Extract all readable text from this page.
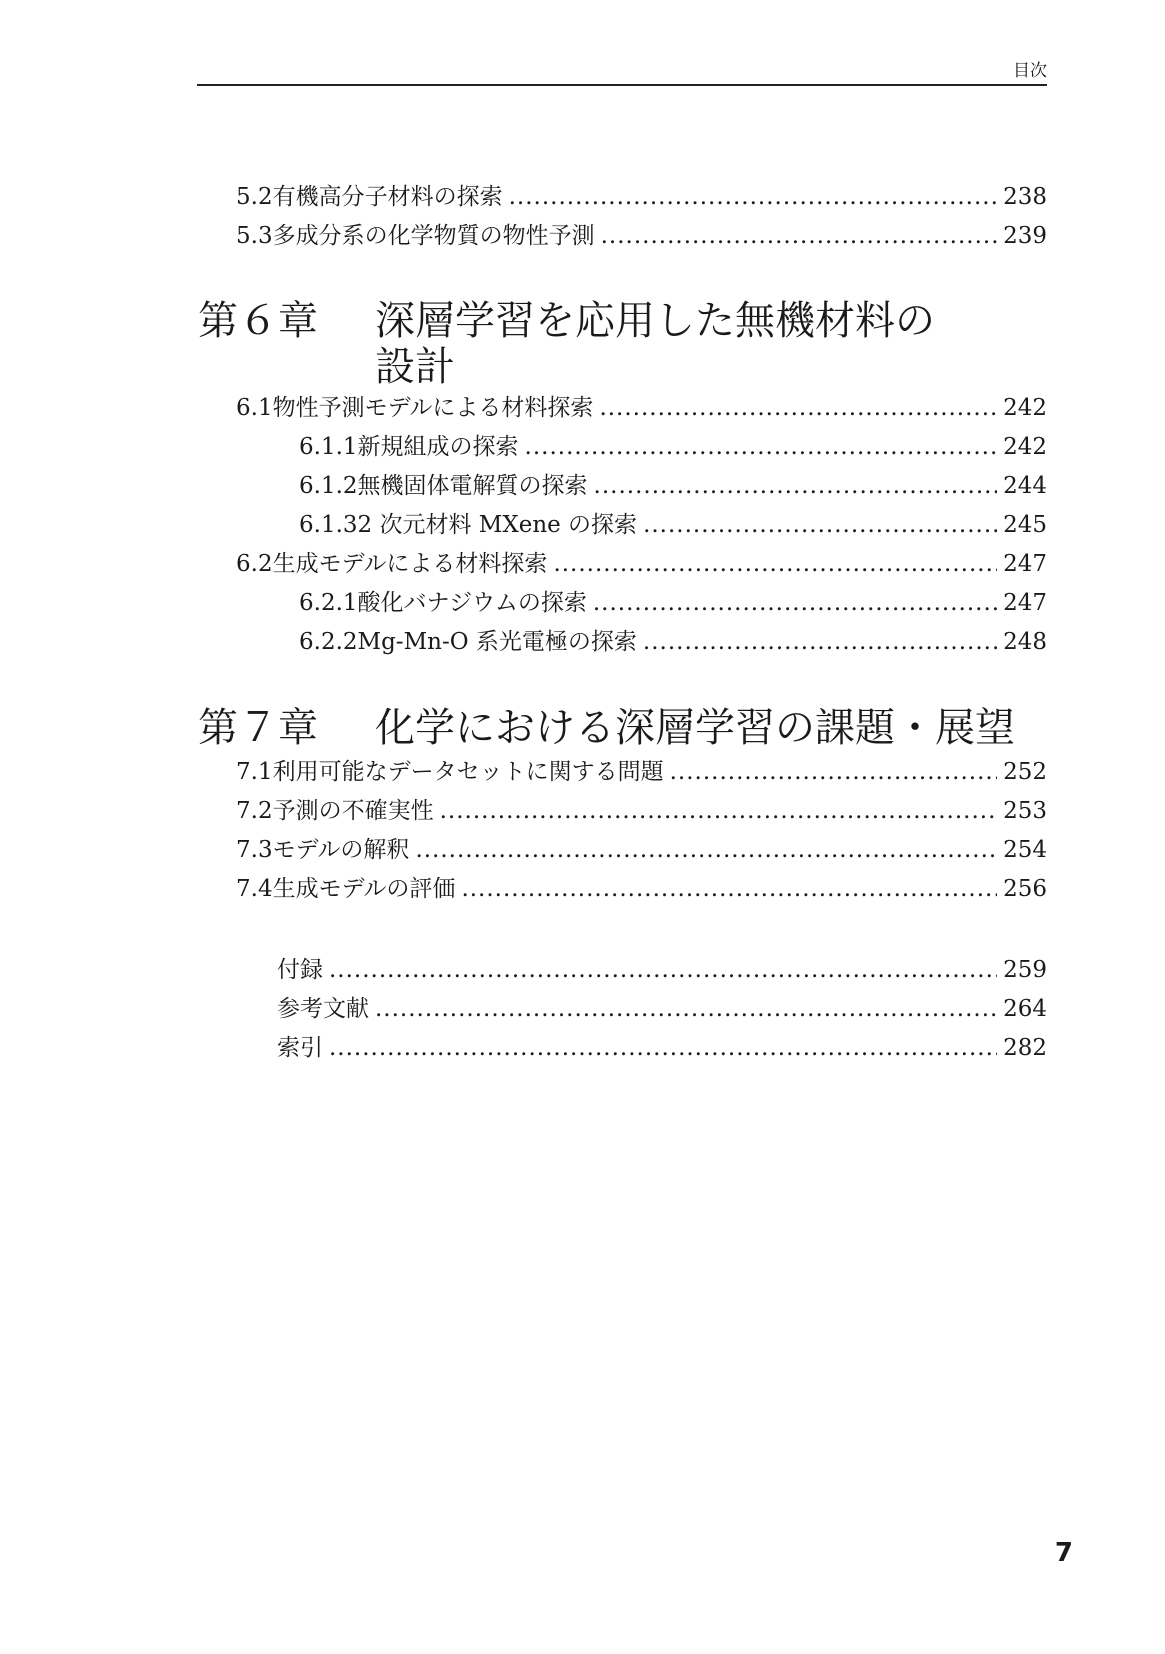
目次
5.2 有機高分子材料の探索 .....	238
5.3 多成分系の化学物質の物性予測 .....	239
第６章	深層学習を応用した無機材料の
設計
6.1 物性予測モデルによる材料探索 .....	242
6.1.1 新規組成の探索 .....	242
6.1.2 無機固体電解質の探索 .....	244
6.1.3 2 次元材料 MXene の探索 .....	245
6.2 生成モデルによる材料探索 .....	247
6.2.1 酸化バナジウムの探索 .....	247
6.2.2 Mg-Mn-O 系光電極の探索 .....	248
第７章	化学における深層学習の課題・展望
7.1 利用可能なデータセットに関する問題 .....	252
7.2 予測の不確実性 .....	253
7.3 モデルの解釈 .....	254
7.4 生成モデルの評価 .....	256
付録 .....	259
参考文献 .....	264
索引 .....	282
7
